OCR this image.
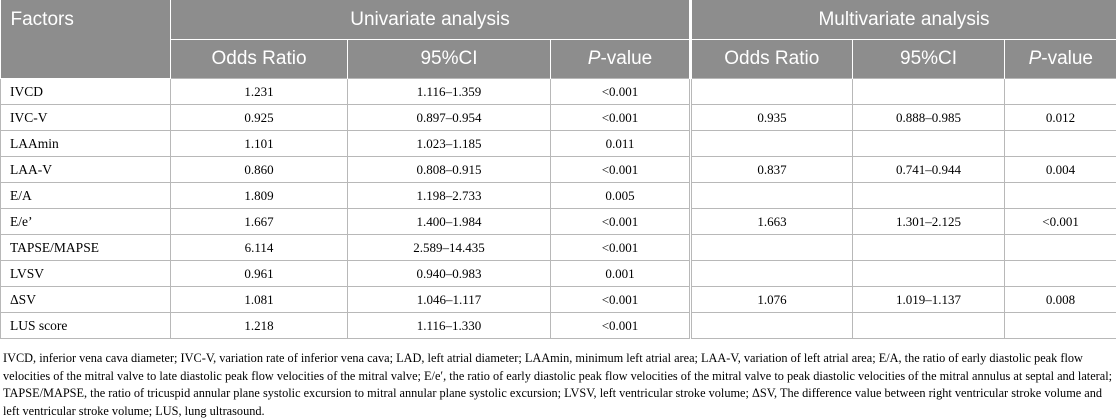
Factors	Univariate analysis				Multivariate analysis		
	Odds Ratio	95%CI	P-value		Odds Ratio	95%CI	P-value
IVCD	1.231	1.116–1.359	<0.001				
IVC-V	0.925	0.897–0.954	<0.001		0.935	0.888–0.985	0.012
LAAmin	1.101	1.023–1.185	0.011				
LAA-V	0.860	0.808–0.915	<0.001		0.837	0.741–0.944	0.004
E/A	1.809	1.198–2.733	0.005				
E/e’	1.667	1.400–1.984	<0.001		1.663	1.301–2.125	<0.001
TAPSE/MAPSE	6.114	2.589–14.435	<0.001				
LVSV	0.961	0.940–0.983	0.001				
ΔSV	1.081	1.046–1.117	<0.001		1.076	1.019–1.137	0.008
LUS score	1.218	1.116–1.330	<0.001				

IVCD, inferior vena cava diameter; IVC-V, variation rate of inferior vena cava; LAD, left atrial diameter; LAAmin, minimum left atrial area; LAA-V, variation of left atrial area; E/A, the ratio of early diastolic peak flow velocities of the mitral valve to late diastolic peak flow velocities of the mitral valve; E/e′, the ratio of early diastolic peak flow velocities of the mitral valve to peak diastolic velocities of the mitral annulus at septal and lateral; TAPSE/MAPSE, the ratio of tricuspid annular plane systolic excursion to mitral annular plane systolic excursion; LVSV, left ventricular stroke volume; ΔSV, The difference value between right ventricular stroke volume and left ventricular stroke volume; LUS, lung ultrasound.
